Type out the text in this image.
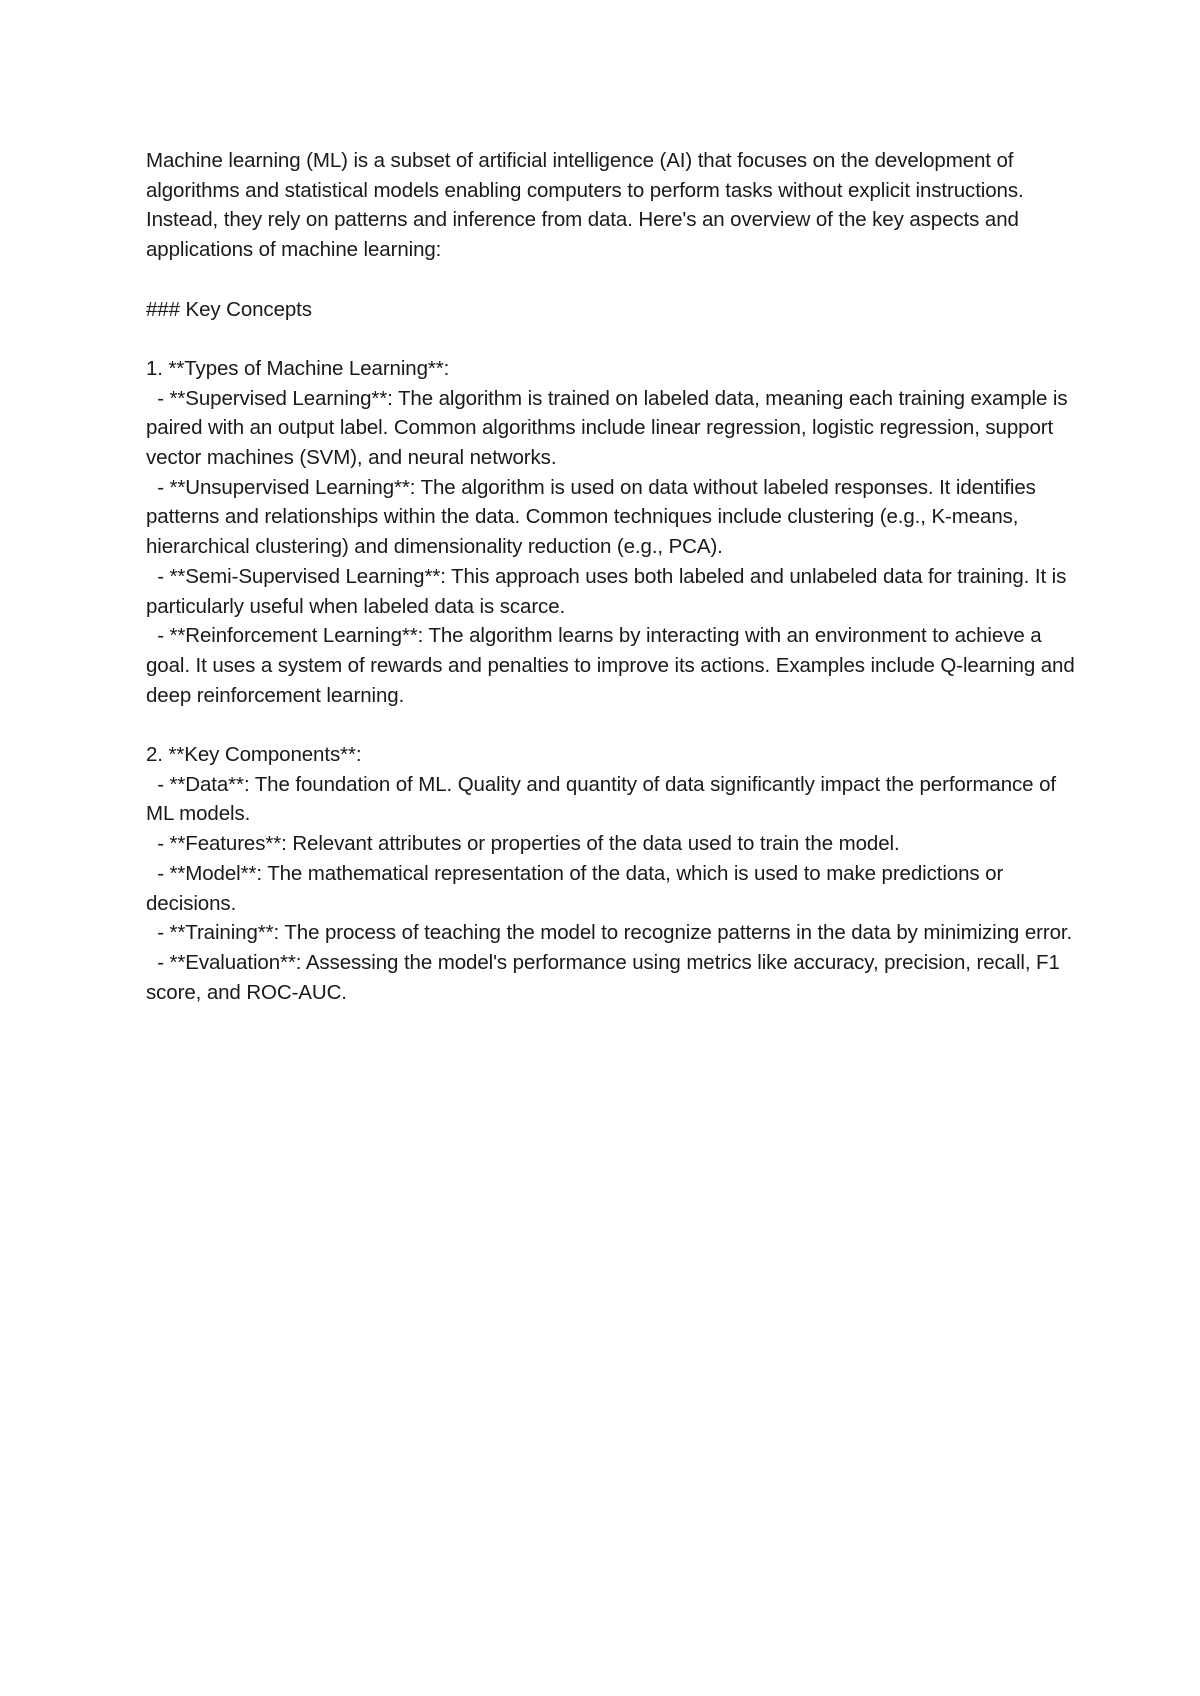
Machine learning (ML) is a subset of artificial intelligence (AI) that focuses on the development of algorithms and statistical models enabling computers to perform tasks without explicit instructions. Instead, they rely on patterns and inference from data. Here's an overview of the key aspects and applications of machine learning:

### Key Concepts

1. **Types of Machine Learning**:

- **Supervised Learning**: The algorithm is trained on labeled data, meaning each training example is paired with an output label. Common algorithms include linear regression, logistic regression, support vector machines (SVM), and neural networks.

- **Unsupervised Learning**: The algorithm is used on data without labeled responses. It identifies patterns and relationships within the data. Common techniques include clustering (e.g., K-means, hierarchical clustering) and dimensionality reduction (e.g., PCA).

- **Semi-Supervised Learning**: This approach uses both labeled and unlabeled data for training. It is particularly useful when labeled data is scarce.

- **Reinforcement Learning**: The algorithm learns by interacting with an environment to achieve a goal. It uses a system of rewards and penalties to improve its actions. Examples include Q-learning and deep reinforcement learning.

2. **Key Components**:

- **Data**: The foundation of ML. Quality and quantity of data significantly impact the performance of ML models.

- **Features**: Relevant attributes or properties of the data used to train the model.

- **Model**: The mathematical representation of the data, which is used to make predictions or decisions.

- **Training**: The process of teaching the model to recognize patterns in the data by minimizing error.

- **Evaluation**: Assessing the model's performance using metrics like accuracy, precision, recall, F1 score, and ROC-AUC.
